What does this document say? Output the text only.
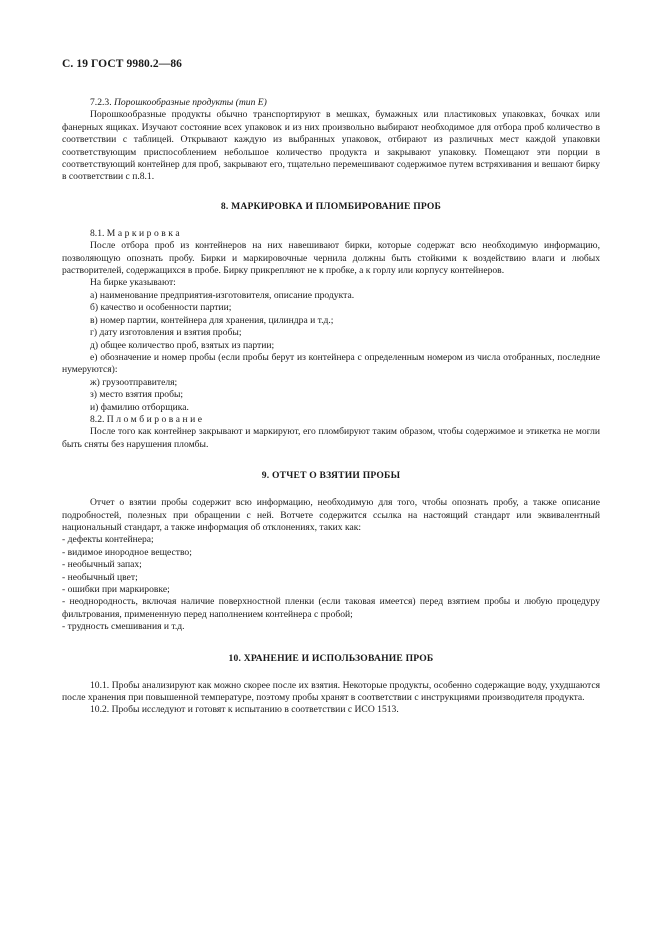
С. 19 ГОСТ 9980.2—86

7.2.3. Порошкообразные продукты (тип Е)

Порошкообразные продукты обычно транспортируют в мешках, бумажных или пластиковых упаковках, бочках или фанерных ящиках. Изучают состояние всех упаковок и из них произвольно выбирают необходимое для отбора проб количество в соответствии с таблицей. Открывают каждую из выбранных упаковок, отбирают из различных мест каждой упаковки соответствующим приспособлением небольшое количество продукта и закрывают упаковку. Помещают эти порции в соответствующий контейнер для проб, закрывают его, тщательно перемешивают содержимое путем встряхивания и вешают бирку в соответствии с п.8.1.

8. МАРКИРОВКА И ПЛОМБИРОВАНИЕ ПРОБ

8.1. Маркировка

После отбора проб из контейнеров на них навешивают бирки, которые содержат всю необходимую информацию, позволяющую опознать пробу. Бирки и маркировочные чернила должны быть стойкими к воздействию влаги и любых растворителей, содержащихся в пробе. Бирку прикрепляют не к пробке, а к горлу или корпусу контейнеров.

На бирке указывают:

а) наименование предприятия-изготовителя, описание продукта.

б) качество и особенности партии;

в) номер партии, контейнера для хранения, цилиндра и т.д.;

г) дату изготовления и взятия пробы;

д) общее количество проб, взятых из партии;

е) обозначение и номер пробы (если пробы берут из контейнера с определенным номером из числа отобранных, последние нумеруются):

ж) грузоотправителя;

з) место взятия пробы;

и) фамилию отборщика.

8.2. Пломбирование

После того как контейнер закрывают и маркируют, его пломбируют таким образом, чтобы содержимое и этикетка не могли быть сняты без нарушения пломбы.

9. ОТЧЕТ О ВЗЯТИИ ПРОБЫ

Отчет о взятии пробы содержит всю информацию, необходимую для того, чтобы опознать пробу, а также описание подробностей, полезных при обращении с ней. Вотчете содержится ссылка на настоящий стандарт или эквивалентный национальный стандарт, а также информация об отклонениях, таких как:

- дефекты контейнера;

- видимое инородное вещество;

- необычный запах;

- необычный цвет;

- ошибки при маркировке;

- неоднородность, включая наличие поверхностной пленки (если таковая имеется) перед взятием пробы и любую процедуру фильтрования, примененную перед наполнением контейнера с пробой;

- трудность смешивания и т.д.

10. ХРАНЕНИЕ И ИСПОЛЬЗОВАНИЕ ПРОБ

10.1. Пробы анализируют как можно скорее после их взятия. Некоторые продукты, особенно содержащие воду, ухудшаются после хранения при повышенной температуре, поэтому пробы хранят в соответствии с инструкциями производителя продукта.

10.2. Пробы исследуют и готовят к испытанию в соответствии с ИСО 1513.
